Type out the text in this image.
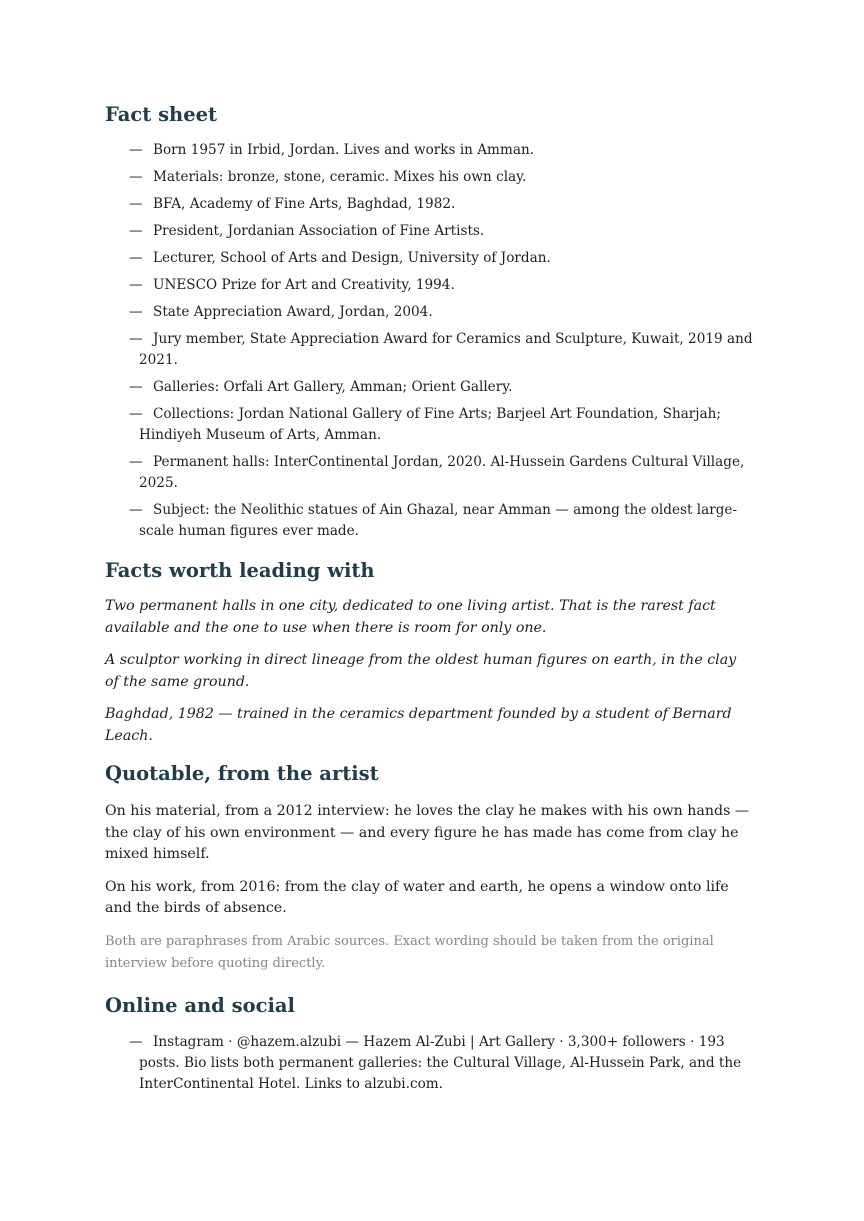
Fact sheet
— Born 1957 in Irbid, Jordan. Lives and works in Amman.
— Materials: bronze, stone, ceramic. Mixes his own clay.
— BFA, Academy of Fine Arts, Baghdad, 1982.
— President, Jordanian Association of Fine Artists.
— Lecturer, School of Arts and Design, University of Jordan.
— UNESCO Prize for Art and Creativity, 1994.
— State Appreciation Award, Jordan, 2004.
— Jury member, State Appreciation Award for Ceramics and Sculpture, Kuwait, 2019 and 2021.
— Galleries: Orfali Art Gallery, Amman; Orient Gallery.
— Collections: Jordan National Gallery of Fine Arts; Barjeel Art Foundation, Sharjah; Hindiyeh Museum of Arts, Amman.
— Permanent halls: InterContinental Jordan, 2020. Al-Hussein Gardens Cultural Village, 2025.
— Subject: the Neolithic statues of Ain Ghazal, near Amman — among the oldest large-scale human figures ever made.
Facts worth leading with

Two permanent halls in one city, dedicated to one living artist. That is the rarest fact available and the one to use when there is room for only one.

A sculptor working in direct lineage from the oldest human figures on earth, in the clay of the same ground.

Baghdad, 1982 — trained in the ceramics department founded by a student of Bernard Leach.

Quotable, from the artist

On his material, from a 2012 interview: he loves the clay he makes with his own hands — the clay of his own environment — and every figure he has made has come from clay he mixed himself.

On his work, from 2016: from the clay of water and earth, he opens a window onto life and the birds of absence.

Both are paraphrases from Arabic sources. Exact wording should be taken from the original interview before quoting directly.

Online and social
— Instagram · @hazem.alzubi — Hazem Al-Zubi | Art Gallery · 3,300+ followers · 193 posts. Bio lists both permanent galleries: the Cultural Village, Al-Hussein Park, and the InterContinental Hotel. Links to alzubi.com.
